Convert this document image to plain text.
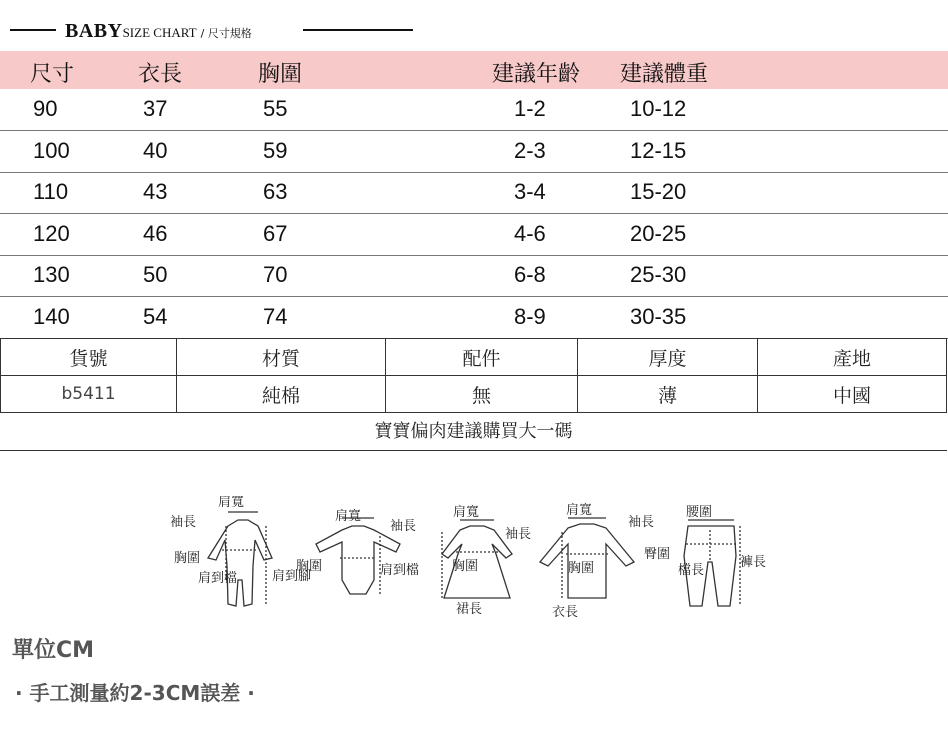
BABYSIZE CHART / 尺寸規格
尺寸	衣長	胸圍	建議年齡 建議體重
90	37	55	1-2	10-12
100	40	59	2-3	12-15
110	43	63	3-4	15-20
120	46	67	4-6	20-25
130	50	70	6-8	25-30
140	54	74	8-9	30-35
貨號	材質	配件	厚度	產地
b5411	純棉	無	薄	中國
寶寶偏肉建議購買大一碼
肩寬
袖長
胸圍
肩到檔	肩到腳
肩寬
袖長
胸圍	肩到檔
肩寬
袖長
胸圍
裙長
肩寬
袖長
胸圍
衣長
腰圍
臀圍
檔長
褲長
單位CM
· 手工測量約2-3CM誤差 ·
